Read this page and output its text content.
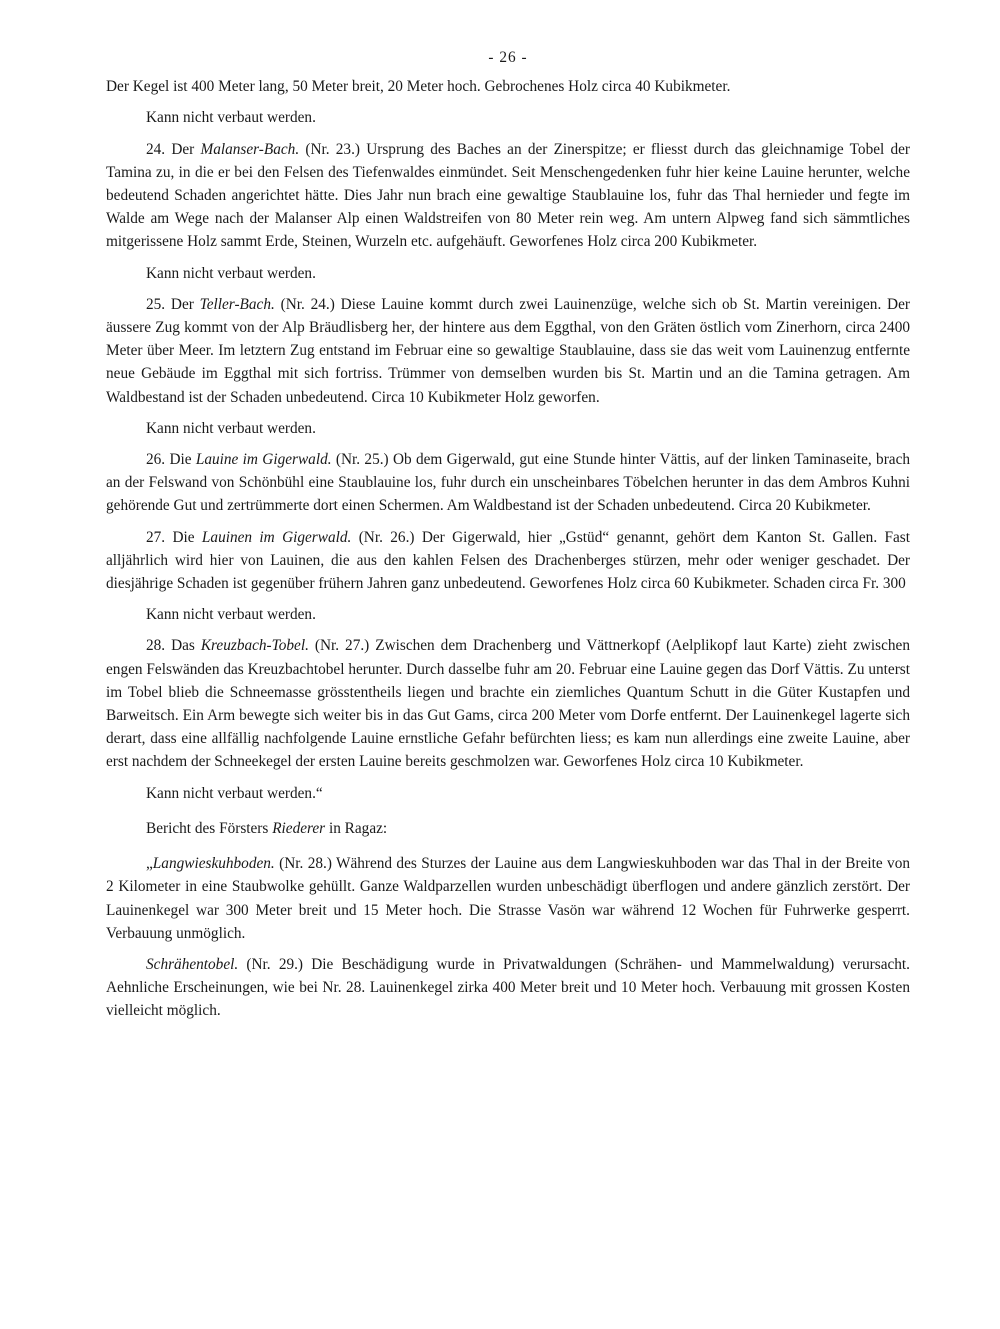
- 26 -

Der Kegel ist 400 Meter lang, 50 Meter breit, 20 Meter hoch. Gebrochenes Holz circa 40 Kubikmeter.

Kann nicht verbaut werden.

24. Der Malanser-Bach. (Nr. 23.) Ursprung des Baches an der Zinerspitze; er fliesst durch das gleichnamige Tobel der Tamina zu, in die er bei den Felsen des Tiefenwaldes einmündet. Seit Menschengedenken fuhr hier keine Lauine herunter, welche bedeutend Schaden angerichtet hätte. Dies Jahr nun brach eine gewaltige Staublauine los, fuhr das Thal hernieder und fegte im Walde am Wege nach der Malanser Alp einen Waldstreifen von 80 Meter rein weg. Am untern Alpweg fand sich sämmtliches mitgerissene Holz sammt Erde, Steinen, Wurzeln etc. aufgehäuft. Geworfenes Holz circa 200 Kubikmeter.

Kann nicht verbaut werden.

25. Der Teller-Bach. (Nr. 24.) Diese Lauine kommt durch zwei Lauinenzüge, welche sich ob St. Martin vereinigen. Der äussere Zug kommt von der Alp Bräudlisberg her, der hintere aus dem Eggthal, von den Gräten östlich vom Zinerhorn, circa 2400 Meter über Meer. Im letztern Zug entstand im Februar eine so gewaltige Staublauine, dass sie das weit vom Lauinenzug entfernte neue Gebäude im Eggthal mit sich fortriss. Trümmer von demselben wurden bis St. Martin und an die Tamina getragen. Am Waldbestand ist der Schaden unbedeutend. Circa 10 Kubikmeter Holz geworfen.

Kann nicht verbaut werden.

26. Die Lauine im Gigerwald. (Nr. 25.) Ob dem Gigerwald, gut eine Stunde hinter Vättis, auf der linken Taminaseite, brach an der Felswand von Schönbühl eine Staublauine los, fuhr durch ein unscheinbares Töbelchen herunter in das dem Ambros Kuhni gehörende Gut und zertrümmerte dort einen Schermen. Am Waldbestand ist der Schaden unbedeutend. Circa 20 Kubikmeter.

27. Die Lauinen im Gigerwald. (Nr. 26.) Der Gigerwald, hier „Gstüd“ genannt, gehört dem Kanton St. Gallen. Fast alljährlich wird hier von Lauinen, die aus den kahlen Felsen des Drachenberges stürzen, mehr oder weniger geschadet. Der diesjährige Schaden ist gegenüber frühern Jahren ganz unbedeutend. Geworfenes Holz circa 60 Kubikmeter. Schaden circa Fr. 300

Kann nicht verbaut werden.

28. Das Kreuzbach-Tobel. (Nr. 27.) Zwischen dem Drachenberg und Vättnerkopf (Aelplikopf laut Karte) zieht zwischen engen Felswänden das Kreuzbachtobel herunter. Durch dasselbe fuhr am 20. Februar eine Lauine gegen das Dorf Vättis. Zu unterst im Tobel blieb die Schneemasse grösstentheils liegen und brachte ein ziemliches Quantum Schutt in die Güter Kustapfen und Barweitsch. Ein Arm bewegte sich weiter bis in das Gut Gams, circa 200 Meter vom Dorfe entfernt. Der Lauinenkegel lagerte sich derart, dass eine allfällig nachfolgende Lauine ernstliche Gefahr befürchten liess; es kam nun allerdings eine zweite Lauine, aber erst nachdem der Schneekegel der ersten Lauine bereits geschmolzen war. Geworfenes Holz circa 10 Kubikmeter.

Kann nicht verbaut werden.“

Bericht des Försters Riederer in Ragaz:

„Langwieskuhboden. (Nr. 28.) Während des Sturzes der Lauine aus dem Langwieskuhboden war das Thal in der Breite von 2 Kilometer in eine Staubwolke gehüllt. Ganze Waldparzellen wurden unbeschädigt überflogen und andere gänzlich zerstört. Der Lauinenkegel war 300 Meter breit und 15 Meter hoch. Die Strasse Vasön war während 12 Wochen für Fuhrwerke gesperrt. Verbauung unmöglich.

Schrähentobel. (Nr. 29.) Die Beschädigung wurde in Privatwaldungen (Schrähen- und Mammelwaldung) verursacht. Aehnliche Erscheinungen, wie bei Nr. 28. Lauinenkegel zirka 400 Meter breit und 10 Meter hoch. Verbauung mit grossen Kosten vielleicht möglich.
